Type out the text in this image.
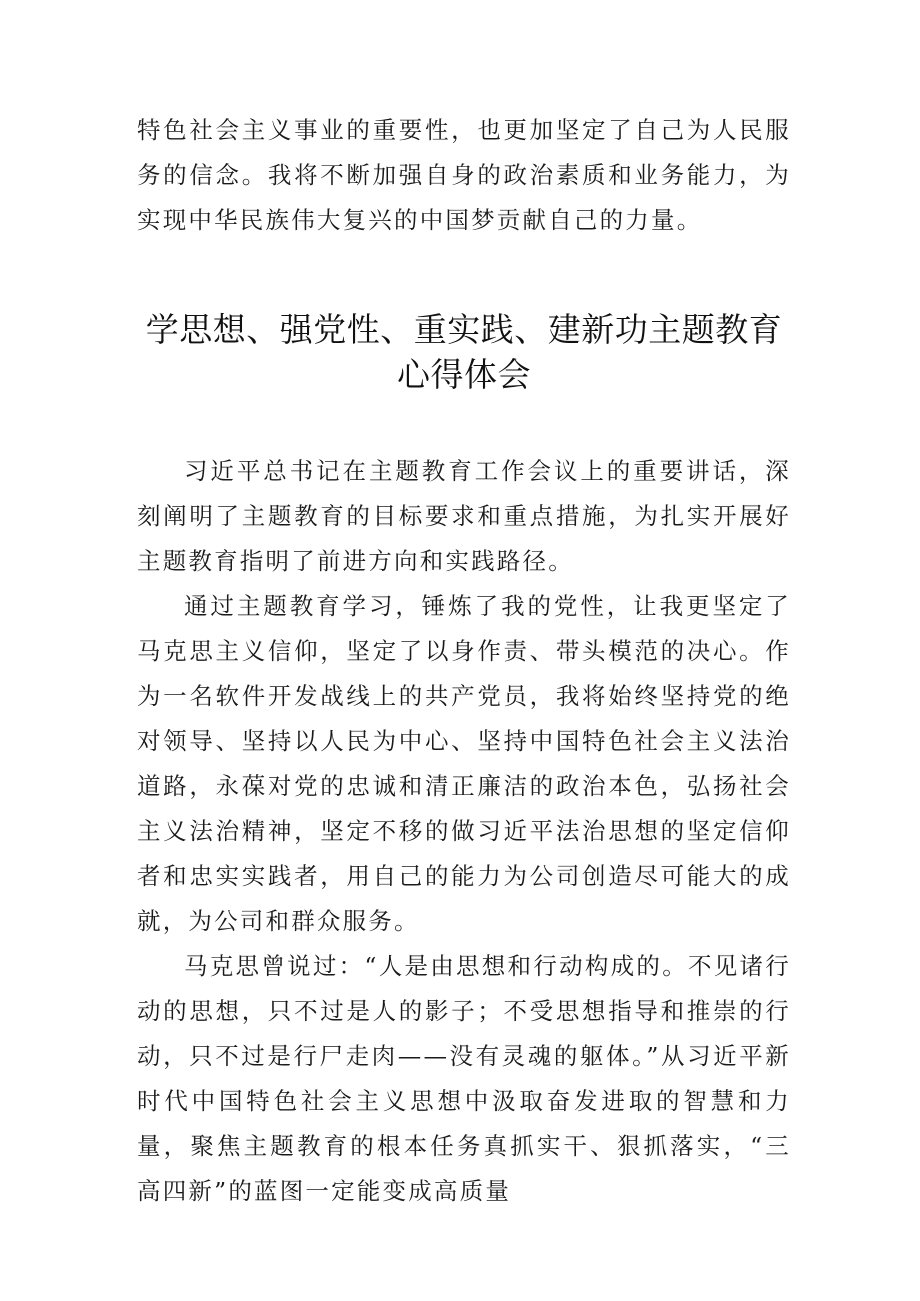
特色社会主义事业的重要性，也更加坚定了自己为人民服务的信念。我将不断加强自身的政治素质和业务能力，为实现中华民族伟大复兴的中国梦贡献自己的力量。

学思想、强党性、重实践、建新功主题教育心得体会

习近平总书记在主题教育工作会议上的重要讲话，深刻阐明了主题教育的目标要求和重点措施，为扎实开展好主题教育指明了前进方向和实践路径。

通过主题教育学习，锤炼了我的党性，让我更坚定了马克思主义信仰，坚定了以身作责、带头模范的决心。作为一名软件开发战线上的共产党员，我将始终坚持党的绝对领导、坚持以人民为中心、坚持中国特色社会主义法治道路，永葆对党的忠诚和清正廉洁的政治本色，弘扬社会主义法治精神，坚定不移的做习近平法治思想的坚定信仰者和忠实实践者，用自己的能力为公司创造尽可能大的成就，为公司和群众服务。

马克思曾说过：“人是由思想和行动构成的。不见诸行动的思想，只不过是人的影子；不受思想指导和推崇的行动，只不过是行尸走肉——没有灵魂的躯体。”从习近平新时代中国特色社会主义思想中汲取奋发进取的智慧和力量，聚焦主题教育的根本任务真抓实干、狠抓落实，“三高四新”的蓝图一定能变成高质量
